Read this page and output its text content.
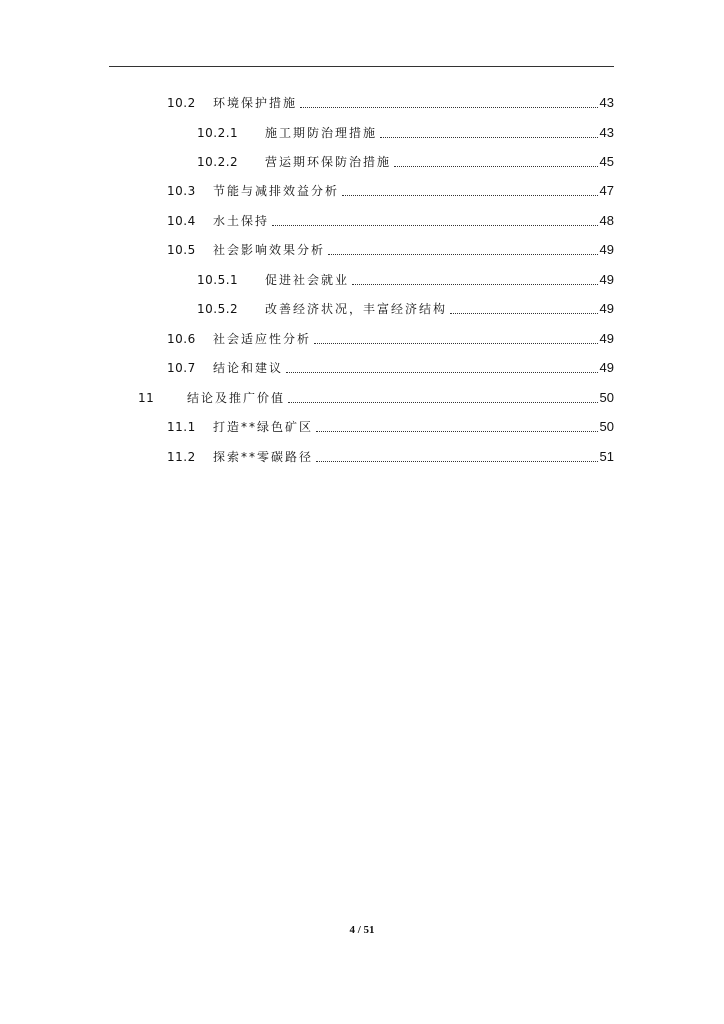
10.2	环境保护措施	43
10.2.1	施工期防治理措施	43
10.2.2	营运期环保防治措施	45
10.3	节能与减排效益分析	47
10.4	水土保持	48
10.5	社会影响效果分析	49
10.5.1	促进社会就业	49
10.5.2	改善经济状况，丰富经济结构	49
10.6	社会适应性分析	49
10.7	结论和建议	49
11	结论及推广价值	50
11.1	打造**绿色矿区	50
11.2	探索**零碳路径	51
4 / 51
